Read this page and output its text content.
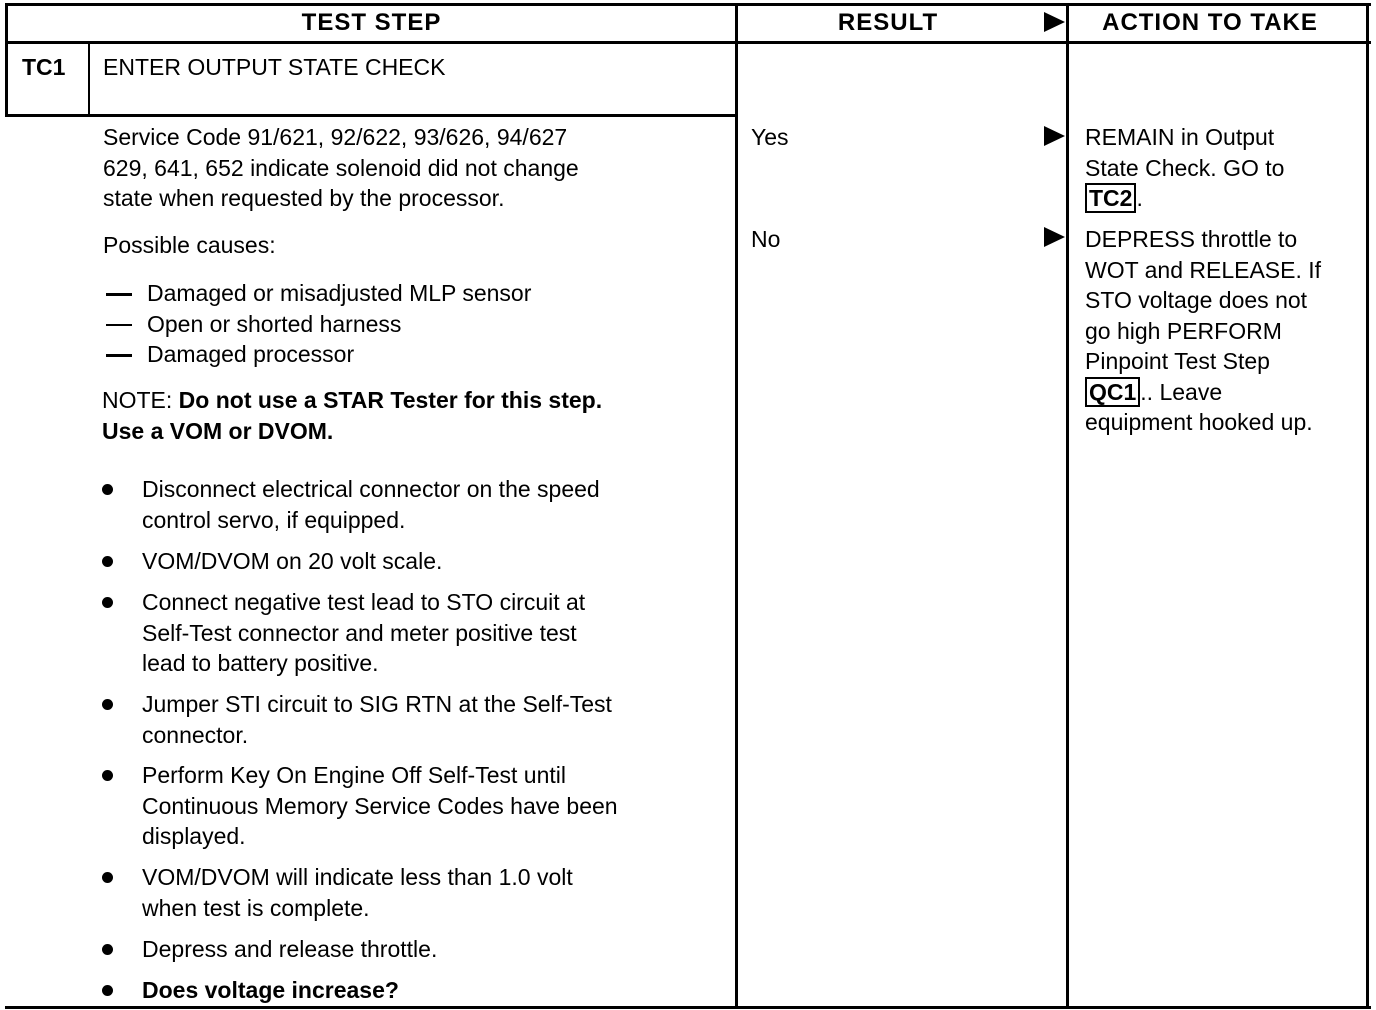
TEST STEP	RESULT	ACTION TO TAKE
TC1 ENTER OUTPUT STATE CHECK
Service Code 91/621, 92/622, 93/626, 94/627
629, 641, 652 indicate solenoid did not change
state when requested by the processor.
Possible causes:
Damaged or misadjusted MLP sensor
Open or shorted harness
Damaged processor
NOTE: Do not use a STAR Tester for this step.
Use a VOM or DVOM.
Disconnect electrical connector on the speed
control servo, if equipped.
VOM/DVOM on 20 volt scale.
Connect negative test lead to STO circuit at
Self-Test connector and meter positive test
lead to battery positive.
Jumper STI circuit to SIG RTN at the Self-Test
connector.
Perform Key On Engine Off Self-Test until
Continuous Memory Service Codes have been
displayed.
VOM/DVOM will indicate less than 1.0 volt
when test is complete.
Depress and release throttle.
Does voltage increase?
Yes
No
REMAIN in Output
State Check. GO to
TC2 .
DEPRESS throttle to
WOT and RELEASE. If
STO voltage does not
go high PERFORM
Pinpoint Test Step
QC1 .. Leave
equipment hooked up.
